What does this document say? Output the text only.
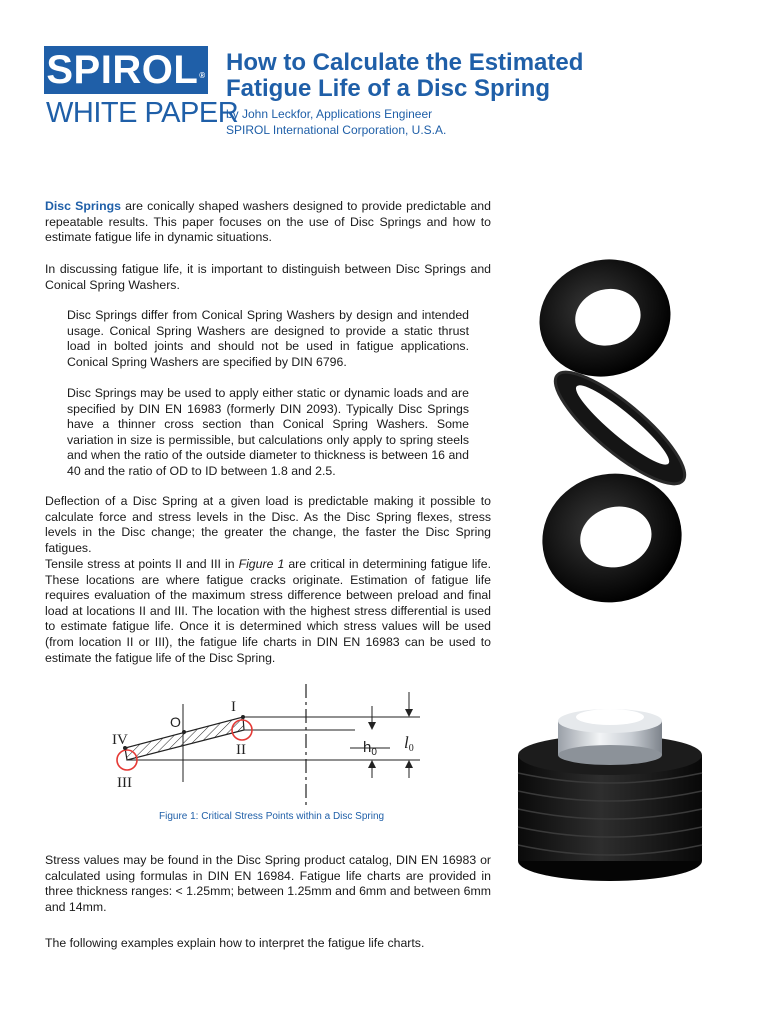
SPIROL®
WHITE PAPER
How to Calculate the Estimated
Fatigue Life of a Disc Spring
by John Leckfor, Applications Engineer
SPIROL International Corporation, U.S.A.
Disc Springs are conically shaped washers designed to provide predictable and repeatable results. This paper focuses on the use of Disc Springs and how to estimate fatigue life in dynamic situations.
In discussing fatigue life, it is important to distinguish between Disc Springs and Conical Spring Washers.
Disc Springs differ from Conical Spring Washers by design and intended usage. Conical Spring Washers are designed to provide a static thrust load in bolted joints and should not be used in fatigue applications. Conical Spring Washers are specified by DIN 6796.
Disc Springs may be used to apply either static or dynamic loads and are specified by DIN EN 16983 (formerly DIN 2093). Typically Disc Springs have a thinner cross section than Conical Spring Washers. Some variation in size is permissible, but calculations only apply to spring steels and when the ratio of the outside diameter to thickness is between 16 and 40 and the ratio of OD to ID between 1.8 and 2.5.
Deflection of a Disc Spring at a given load is predictable making it possible to calculate force and stress levels in the Disc. As the Disc Spring flexes, stress levels in the Disc change; the greater the change, the faster the Disc Spring fatigues.
Tensile stress at points II and III in Figure 1 are critical in determining fatigue life. These locations are where fatigue cracks originate. Estimation of fatigue life requires evaluation of the maximum stress difference between preload and final load at locations II and III. The location with the highest stress differential is used to estimate fatigue life. Once it is determined which stress values will be used (from location II or III), the fatigue life charts in DIN EN 16983 can be used to estimate the fatigue life of the Disc Spring.
Stress values may be found in the Disc Spring product catalog, DIN EN 16983 or calculated using formulas in DIN EN 16984. Fatigue life charts are provided in three thickness ranges: < 1.25mm; between 1.25mm and 6mm and between 6mm and 14mm.
The following examples explain how to interpret the fatigue life charts.
I
II
III
IV
O
$h_0$
l0
Figure 1: Critical Stress Points within a Disc Spring
